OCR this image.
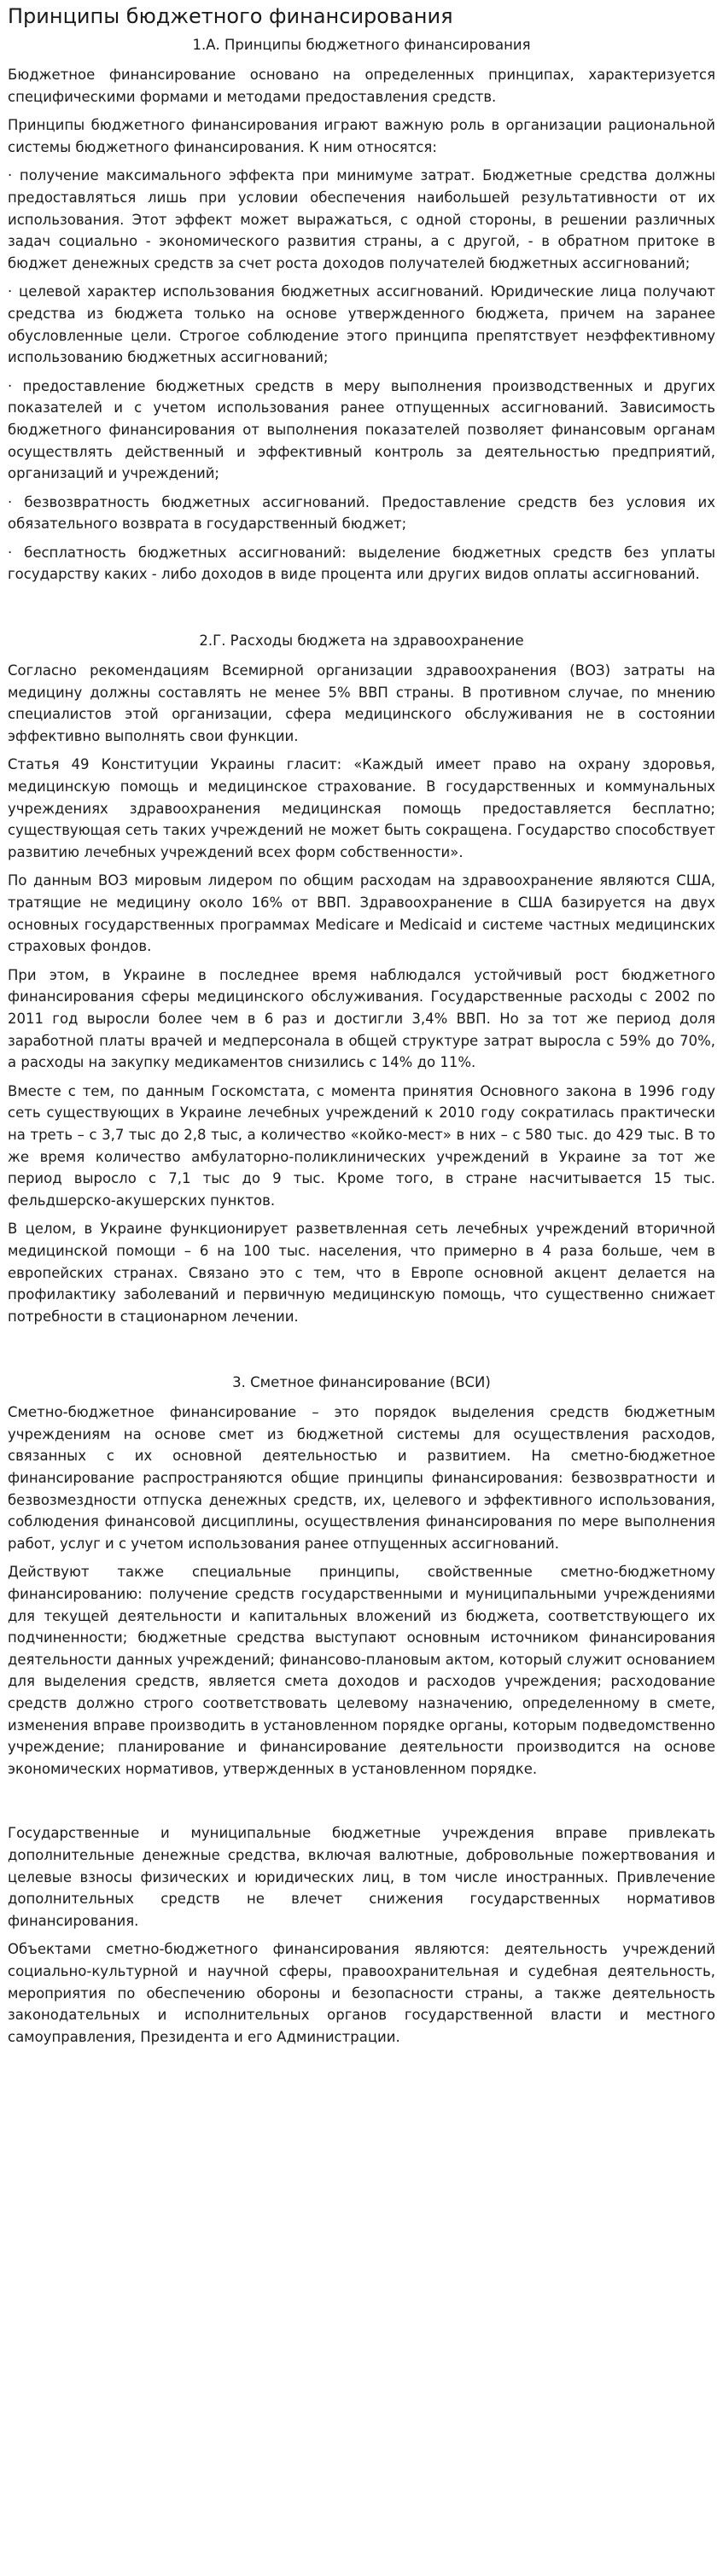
Принципы бюджетного финансирования
1.А. Принципы бюджетного финансирования

Бюджетное финансирование основано на определенных принципах, характеризуется специфическими формами и методами предоставления средств.

Принципы бюджетного финансирования играют важную роль в организации рациональной системы бюджетного финансирования. К ним относятся:

· получение максимального эффекта при минимуме затрат. Бюджетные средства должны предоставляться лишь при условии обеспечения наибольшей результативности от их использования. Этот эффект может выражаться, с одной стороны, в решении различных задач социально - экономического развития страны, а с другой, - в обратном притоке в бюджет денежных средств за счет роста доходов получателей бюджетных ассигнований;

· целевой характер использования бюджетных ассигнований. Юридические лица получают средства из бюджета только на основе утвержденного бюджета, причем на заранее обусловленные цели. Строгое соблюдение этого принципа препятствует неэффективному использованию бюджетных ассигнований;

· предоставление бюджетных средств в меру выполнения производственных и других показателей и с учетом использования ранее отпущенных ассигнований. Зависимость бюджетного финансирования от выполнения показателей позволяет финансовым органам осуществлять действенный и эффективный контроль за деятельностью предприятий, организаций и учреждений;

· безвозвратность бюджетных ассигнований. Предоставление средств без условия их обязательного возврата в государственный бюджет;

· бесплатность бюджетных ассигнований: выделение бюджетных средств без уплаты государству каких - либо доходов в виде процента или других видов оплаты ассигнований.

2.Г. Расходы бюджета на здравоохранение

Согласно рекомендациям Всемирной организации здравоохранения (ВОЗ) затраты на медицину должны составлять не менее 5% ВВП страны. В противном случае, по мнению специалистов этой организации, сфера медицинского обслуживания не в состоянии эффективно выполнять свои функции.

Статья 49 Конституции Украины гласит: «Каждый имеет право на охрану здоровья, медицинскую помощь и медицинское страхование. В государственных и коммунальных учреждениях здравоохранения медицинская помощь предоставляется бесплатно; существующая сеть таких учреждений не может быть сокращена. Государство способствует развитию лечебных учреждений всех форм собственности».

По данным ВОЗ мировым лидером по общим расходам на здравоохранение являются США, тратящие не медицину около 16% от ВВП. Здравоохранение в США базируется на двух основных государственных программах Medicare и Medicaid и системе частных медицинских страховых фондов.

При этом, в Украине в последнее время наблюдался устойчивый рост бюджетного финансирования сферы медицинского обслуживания. Государственные расходы с 2002 по 2011 год выросли более чем в 6 раз и достигли 3,4% ВВП. Но за тот же период доля заработной платы врачей и медперсонала в общей структуре затрат выросла с 59% до 70%, а расходы на закупку медикаментов снизились с 14% до 11%.

Вместе с тем, по данным Госкомстата, с момента принятия Основного закона в 1996 году сеть существующих в Украине лечебных учреждений к 2010 году сократилась практически на треть – с 3,7 тыс до 2,8 тыс, а количество «койко-мест» в них – с 580 тыс. до 429 тыс. В то же время количество амбулаторно-поликлинических учреждений в Украине за тот же период выросло с 7,1 тыс до 9 тыс. Кроме того, в стране насчитывается 15 тыс. фельдшерско-акушерских пунктов.

В целом, в Украине функционирует разветвленная сеть лечебных учреждений вторичной медицинской помощи – 6 на 100 тыс. населения, что примерно в 4 раза больше, чем в европейских странах. Связано это с тем, что в Европе основной акцент делается на профилактику заболеваний и первичную медицинскую помощь, что существенно снижает потребности в стационарном лечении.

3. Сметное финансирование (ВСИ)

Сметно-бюджетное финансирование – это порядок выделения средств бюджетным учреждениям на основе смет из бюджетной системы для осуществления расходов, связанных с их основной деятельностью и развитием. На сметно-бюджетное финансирование распространяются общие принципы финансирования: безвозвратности и безвозмездности отпуска денежных средств, их, целевого и эффективного использования, соблюдения финансовой дисциплины, осуществления финансирования по мере выполнения работ, услуг и с учетом использования ранее отпущенных ассигнований.

Действуют также специальные принципы, свойственные сметно-бюджетному финансированию: получение средств государственными и муниципальными учреждениями для текущей деятельности и капитальных вложений из бюджета, соответствующего их подчиненности; бюджетные средства выступают основным источником финансирования деятельности данных учреждений; финансово-плановым актом, который служит основанием для выделения средств, является смета доходов и расходов учреждения; расходование средств должно строго соответствовать целевому назначению, определенному в смете, изменения вправе производить в установленном порядке органы, которым подведомственно учреждение; планирование и финансирование деятельности производится на основе экономических нормативов, утвержденных в установленном порядке.

Государственные и муниципальные бюджетные учреждения вправе привлекать дополнительные денежные средства, включая валютные, добровольные пожертвования и целевые взносы физических и юридических лиц, в том числе иностранных. Привлечение дополнительных средств не влечет снижения государственных нормативов финансирования.

Объектами сметно-бюджетного финансирования являются: деятельность учреждений социально-культурной и научной сферы, правоохранительная и судебная деятельность, мероприятия по обеспечению обороны и безопасности страны, а также деятельность законодательных и исполнительных органов государственной власти и местного самоуправления, Президента и его Администрации.
